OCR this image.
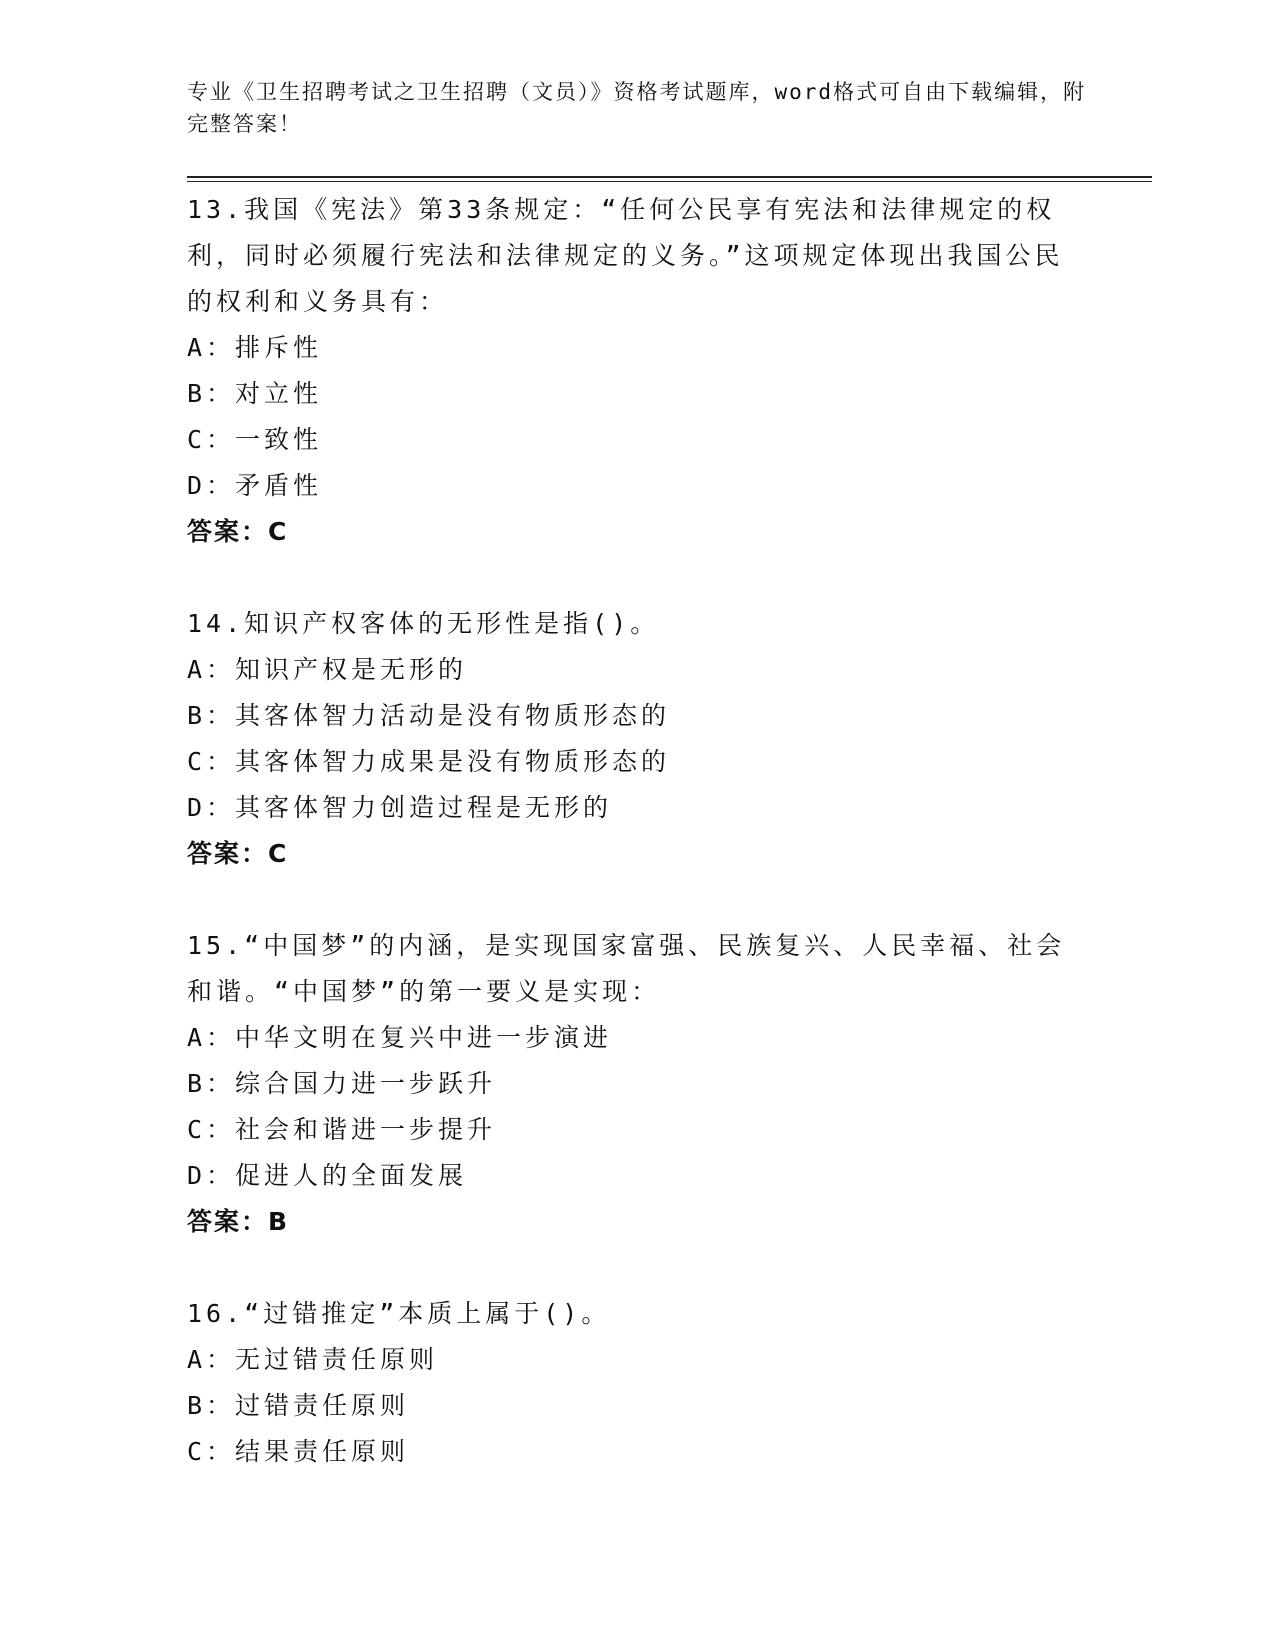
专业《卫生招聘考试之卫生招聘（文员）》资格考试题库，word格式可自由下载编辑，附完整答案！

13.我国《宪法》第33条规定：“任何公民享有宪法和法律规定的权利，同时必须履行宪法和法律规定的义务。”这项规定体现出我国公民的权利和义务具有：

A：排斥性

B：对立性

C：一致性

D：矛盾性

答案：C

14.知识产权客体的无形性是指()。

A：知识产权是无形的

B：其客体智力活动是没有物质形态的

C：其客体智力成果是没有物质形态的

D：其客体智力创造过程是无形的

答案：C

15.“中国梦”的内涵，是实现国家富强、民族复兴、人民幸福、社会和谐。“中国梦”的第一要义是实现：

A：中华文明在复兴中进一步演进

B：综合国力进一步跃升

C：社会和谐进一步提升

D：促进人的全面发展

答案：B

16.“过错推定”本质上属于()。

A：无过错责任原则

B：过错责任原则

C：结果责任原则
